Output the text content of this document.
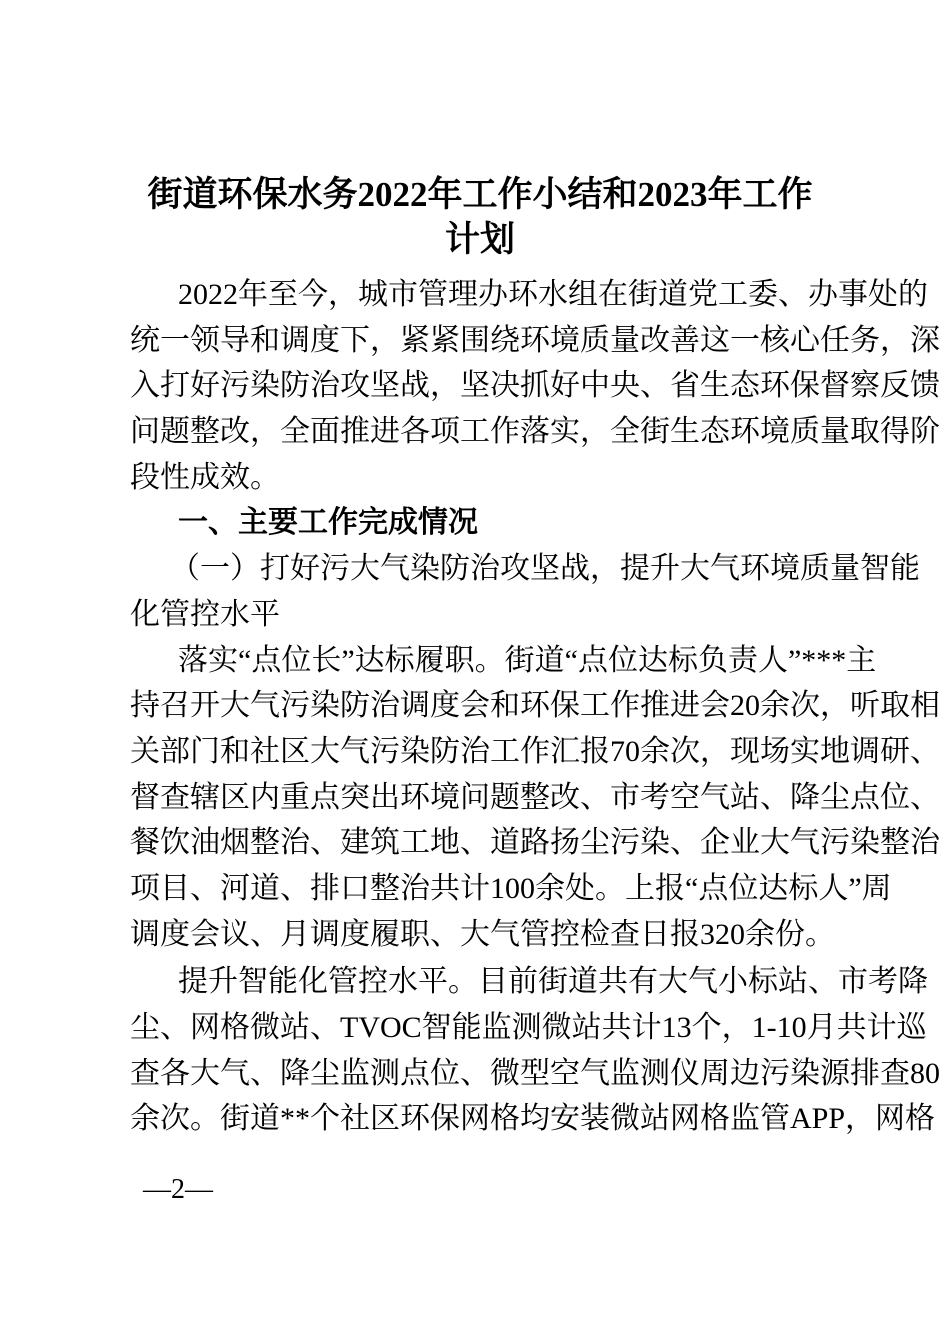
街道环保水务2022年工作小结和2023年工作
计划
2022年至今，城市管理办环水组在街道党工委、办事处的
统一领导和调度下，紧紧围绕环境质量改善这一核心任务，深
入打好污染防治攻坚战，坚决抓好中央、省生态环保督察反馈
问题整改，全面推进各项工作落实，全街生态环境质量取得阶
段性成效。
一、主要工作完成情况
（一）打好污大气染防治攻坚战，提升大气环境质量智能
化管控水平
落实“点位长”达标履职。街道“点位达标负责人”***主
持召开大气污染防治调度会和环保工作推进会20余次，听取相
关部门和社区大气污染防治工作汇报70余次，现场实地调研、
督查辖区内重点突出环境问题整改、市考空气站、降尘点位、
餐饮油烟整治、建筑工地、道路扬尘污染、企业大气污染整治
项目、河道、排口整治共计100余处。上报“点位达标人”周
调度会议、月调度履职、大气管控检查日报320余份。
提升智能化管控水平。目前街道共有大气小标站、市考降
尘、网格微站、TVOC智能监测微站共计13个，1-10月共计巡
查各大气、降尘监测点位、微型空气监测仪周边污染源排查80
余次。街道**个社区环保网格均安装微站网格监管APP，网格
—2—
